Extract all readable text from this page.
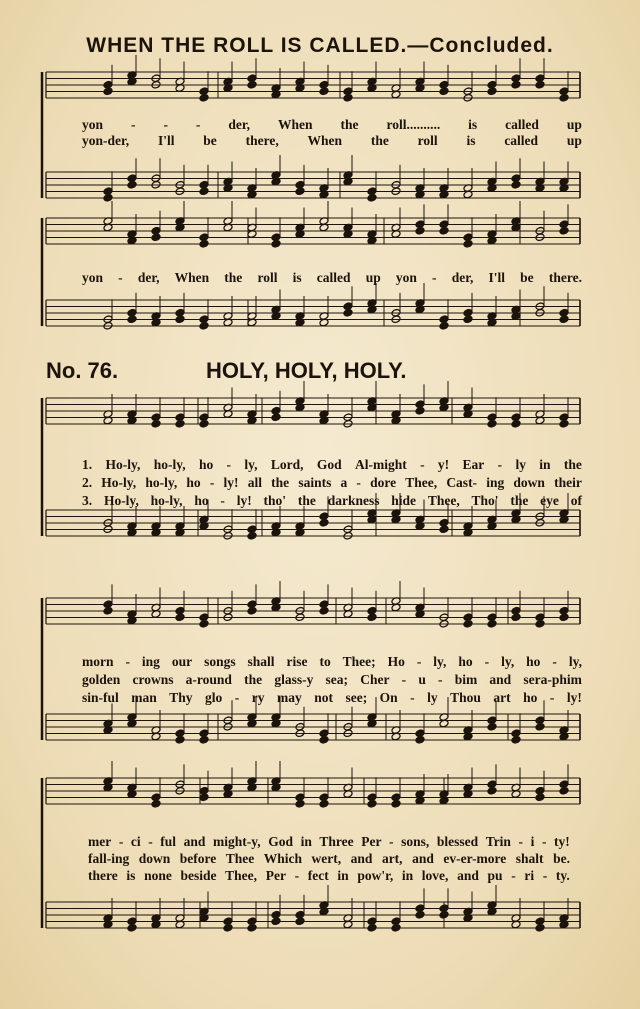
WHEN THE ROLL IS CALLED.—Concluded.
yon - - - der, When the roll.......... is called up
yon-der, I'll be there, When the roll is called up
yon - der, When the roll is called up yon - der, I'll be there.
No. 76.	HOLY, HOLY, HOLY.
1. Ho-ly, ho-ly, ho - ly, Lord, God Al-might - y! Ear - ly in the
2. Ho-ly, ho-ly, ho - ly! all the saints a - dore Thee, Cast- ing down their
3. Ho-ly, ho-ly, ho - ly! tho' the darkness hide Thee, Tho' the eye of
morn - ing our songs shall rise to Thee; Ho - ly, ho - ly, ho - ly,
golden crowns a-round the glass-y sea; Cher - u - bim and sera-phim
sin-ful man Thy glo - ry may not see; On - ly Thou art ho - ly!
mer - ci - ful and might-y, God in Three Per - sons, blessed Trin - i - ty!
fall-ing down before Thee Which wert, and art, and ev-er-more shalt be.
there is none beside Thee, Per - fect in pow'r, in love, and pu - ri - ty.
